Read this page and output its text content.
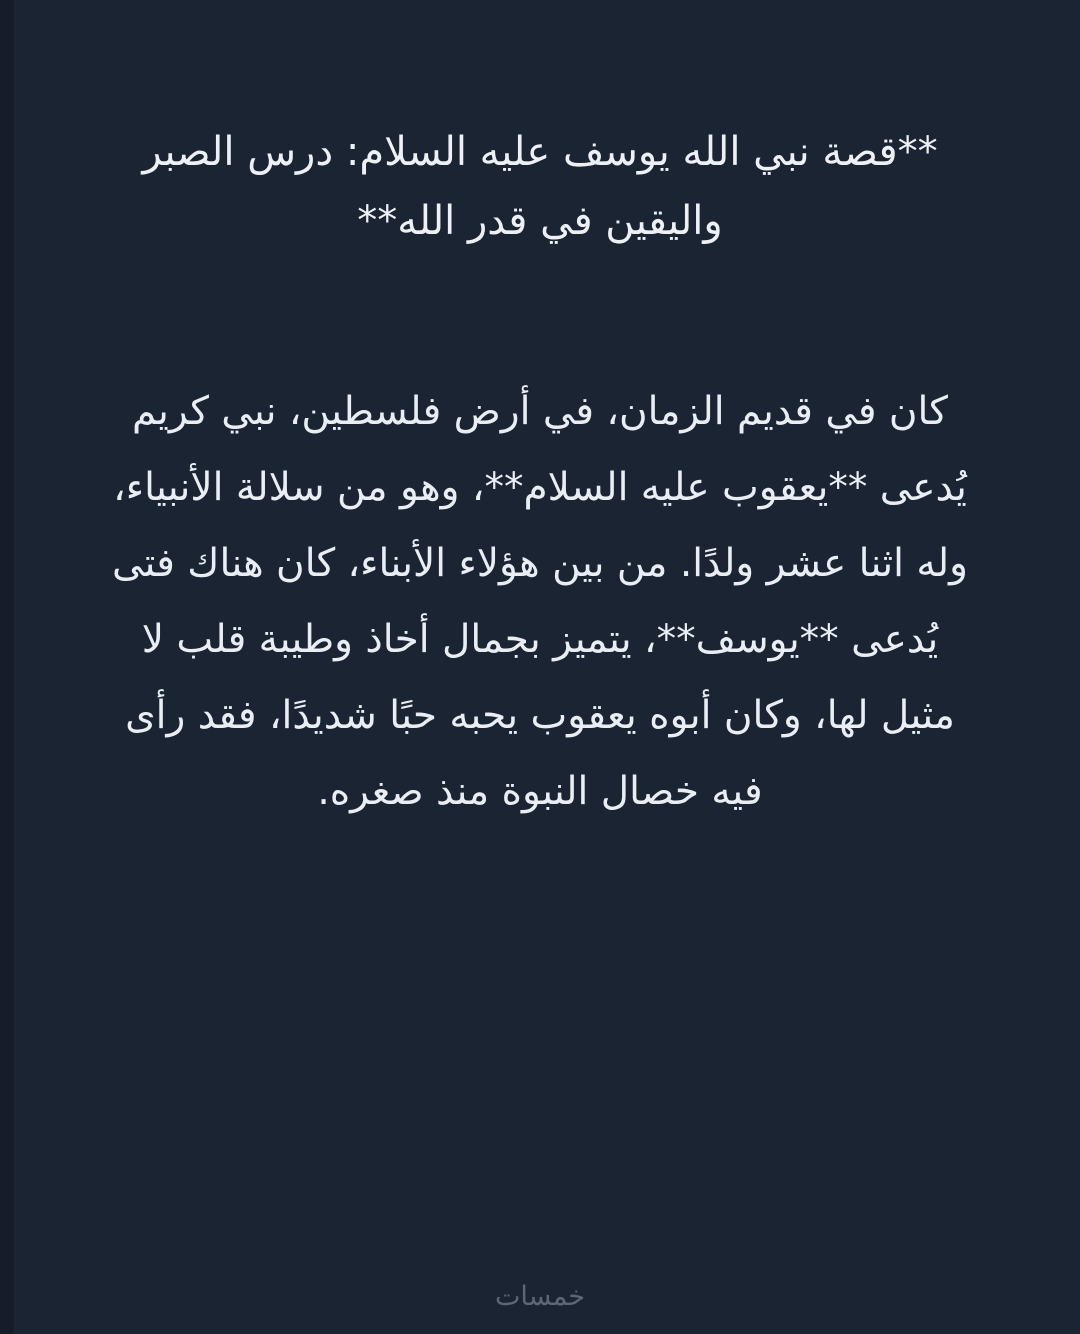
**قصة نبي الله يوسف عليه السلام: درس الصبر واليقين في قدر الله**

كان في قديم الزمان، في أرض فلسطين، نبي كريم يُدعى **يعقوب عليه السلام**، وهو من سلالة الأنبياء، وله اثنا عشر ولدًا. من بين هؤلاء الأبناء، كان هناك فتى يُدعى **يوسف**، يتميز بجمال أخاذ وطيبة قلب لا مثيل لها، وكان أبوه يعقوب يحبه حبًا شديدًا، فقد رأى فيه خصال النبوة منذ صغره.

خمسات
